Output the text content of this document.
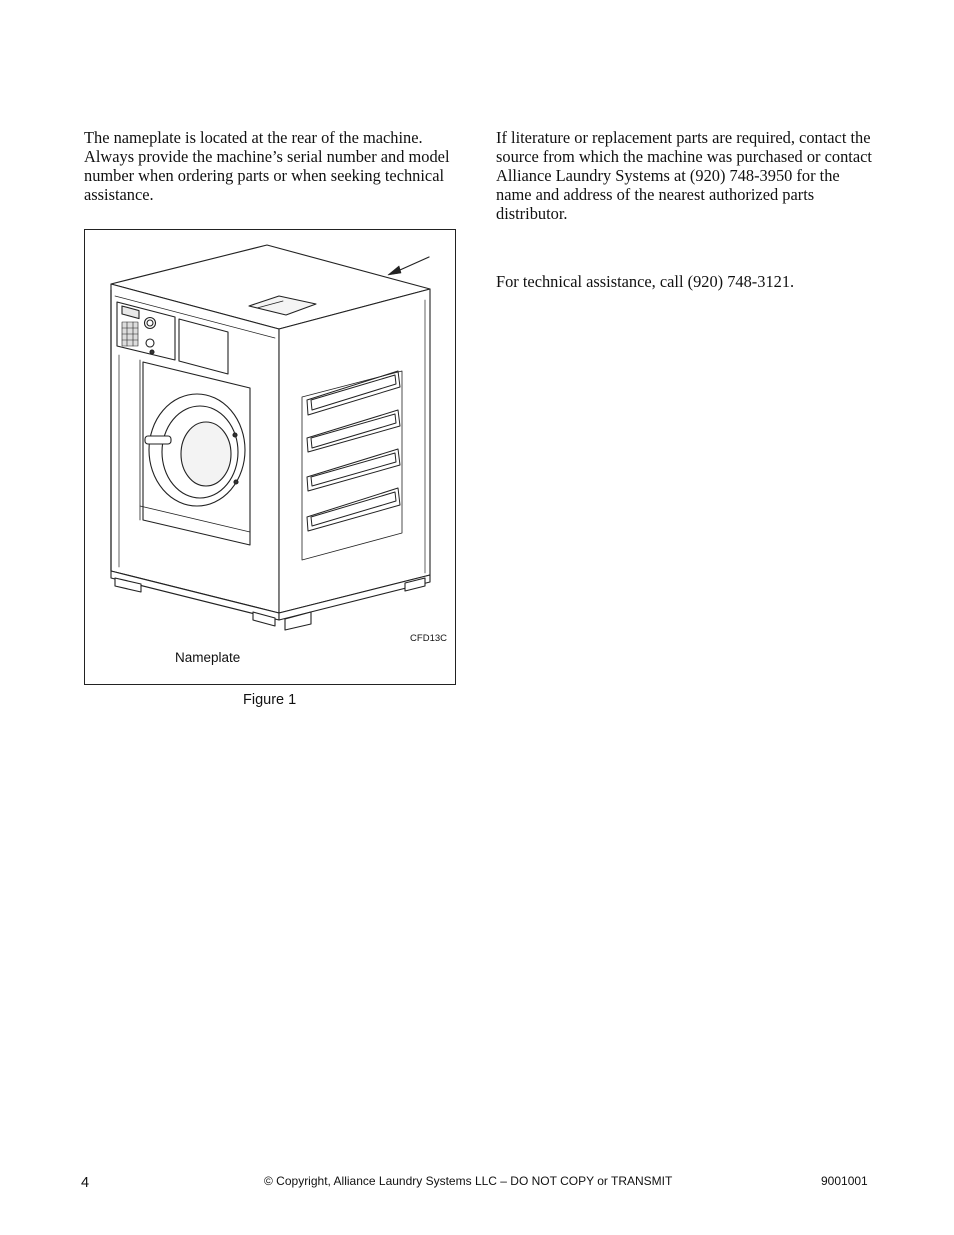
The nameplate is located at the rear of the machine. Always provide the machine’s serial number and model number when ordering parts or when seeking technical assistance.

If literature or replacement parts are required, contact the source from which the machine was purchased or contact Alliance Laundry Systems at (920) 748-3950 for the name and address of the nearest authorized parts distributor.

For technical assistance, call (920) 748-3121.

CFD13C
Nameplate
Figure 1
4	© Copyright, Alliance Laundry Systems LLC – DO NOT COPY or TRANSMIT	9001001
